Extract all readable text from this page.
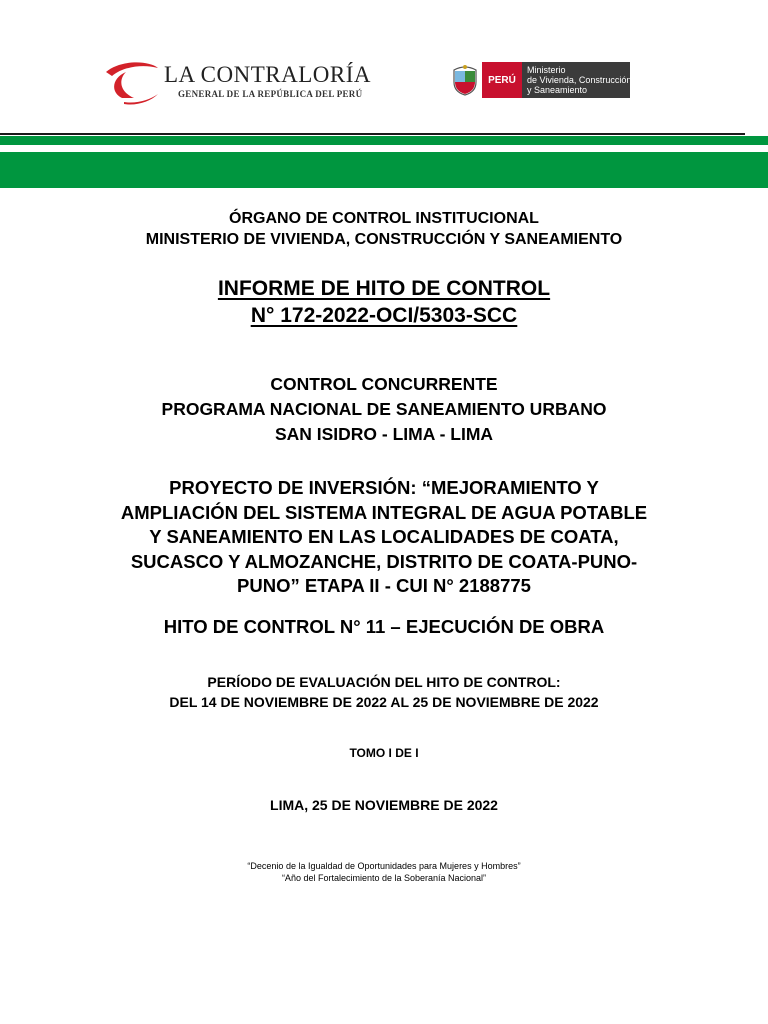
LA CONTRALORÍA
GENERAL DE LA REPÚBLICA DEL PERÚ
PERÚ
Ministerio
de Vivienda, Construcción
y Saneamiento
ÓRGANO DE CONTROL INSTITUCIONAL
MINISTERIO DE VIVIENDA, CONSTRUCCIÓN Y SANEAMIENTO
INFORME DE HITO DE CONTROL
N° 172-2022-OCI/5303-SCC
CONTROL CONCURRENTE
PROGRAMA NACIONAL DE SANEAMIENTO URBANO
SAN ISIDRO - LIMA - LIMA
PROYECTO DE INVERSIÓN: “MEJORAMIENTO Y
AMPLIACIÓN DEL SISTEMA INTEGRAL DE AGUA POTABLE
Y SANEAMIENTO EN LAS LOCALIDADES DE COATA,
SUCASCO Y ALMOZANCHE, DISTRITO DE COATA-PUNO-
PUNO” ETAPA II - CUI N° 2188775
HITO DE CONTROL N° 11 – EJECUCIÓN DE OBRA
PERÍODO DE EVALUACIÓN DEL HITO DE CONTROL:
DEL 14 DE NOVIEMBRE DE 2022 AL 25 DE NOVIEMBRE DE 2022
TOMO I DE I
LIMA, 25 DE NOVIEMBRE DE 2022
“Decenio de la Igualdad de Oportunidades para Mujeres y Hombres”
“Año del Fortalecimiento de la Soberanía Nacional”
